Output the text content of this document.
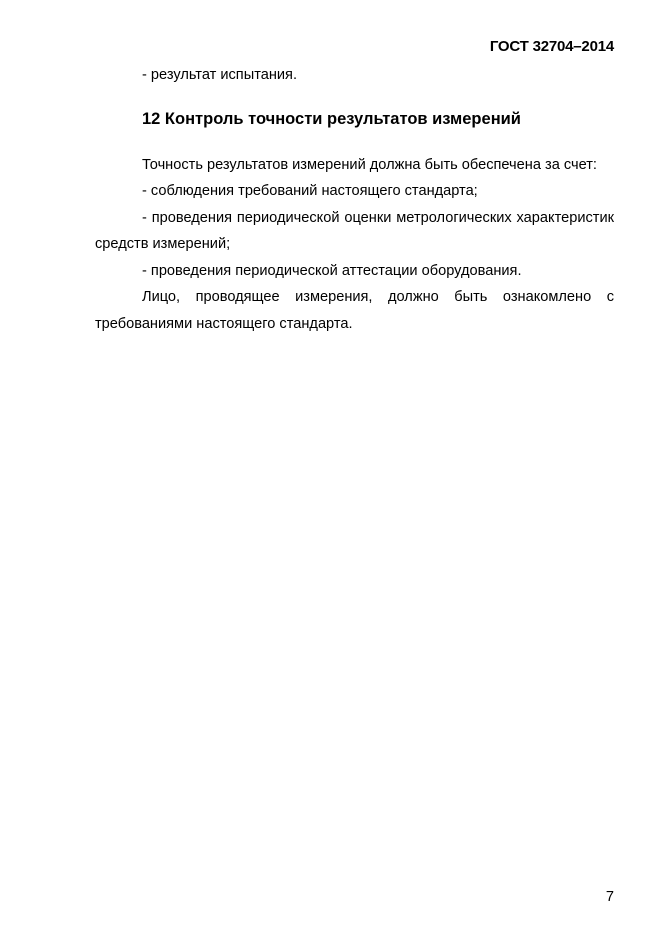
ГОСТ 32704–2014

- результат испытания.

12 Контроль точности результатов измерений

Точность результатов измерений должна быть обеспечена за счет:

- соблюдения требований настоящего стандарта;

- проведения периодической оценки метрологических характеристик средств измерений;

- проведения периодической аттестации оборудования.

Лицо, проводящее измерения, должно быть ознакомлено с требованиями настоящего стандарта.

7
